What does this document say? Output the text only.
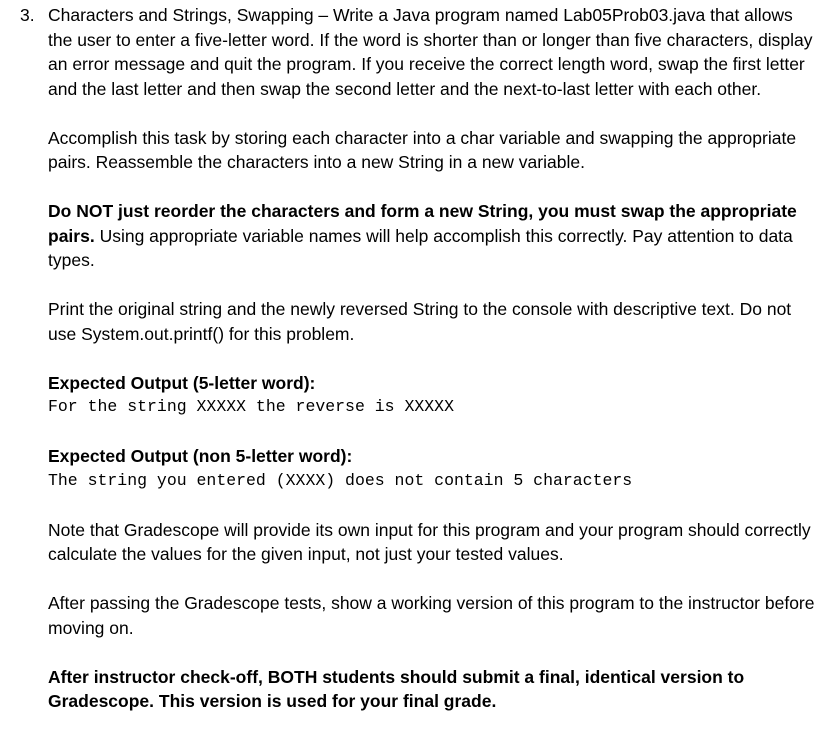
3. Characters and Strings, Swapping – Write a Java program named Lab05Prob03.java that allows the user to enter a five-letter word. If the word is shorter than or longer than five characters, display an error message and quit the program. If you receive the correct length word, swap the first letter and the last letter and then swap the second letter and the next-to-last letter with each other.

Accomplish this task by storing each character into a char variable and swapping the appropriate pairs. Reassemble the characters into a new String in a new variable.

Do NOT just reorder the characters and form a new String, you must swap the appropriate pairs. Using appropriate variable names will help accomplish this correctly. Pay attention to data types.

Print the original string and the newly reversed String to the console with descriptive text. Do not use System.out.printf() for this problem.

Expected Output (5-letter word):
For the string XXXXX the reverse is XXXXX
Expected Output (non 5-letter word):
The string you entered (XXXX) does not contain 5 characters

Note that Gradescope will provide its own input for this program and your program should correctly calculate the values for the given input, not just your tested values.

After passing the Gradescope tests, show a working version of this program to the instructor before moving on.

After instructor check-off, BOTH students should submit a final, identical version to Gradescope. This version is used for your final grade.
